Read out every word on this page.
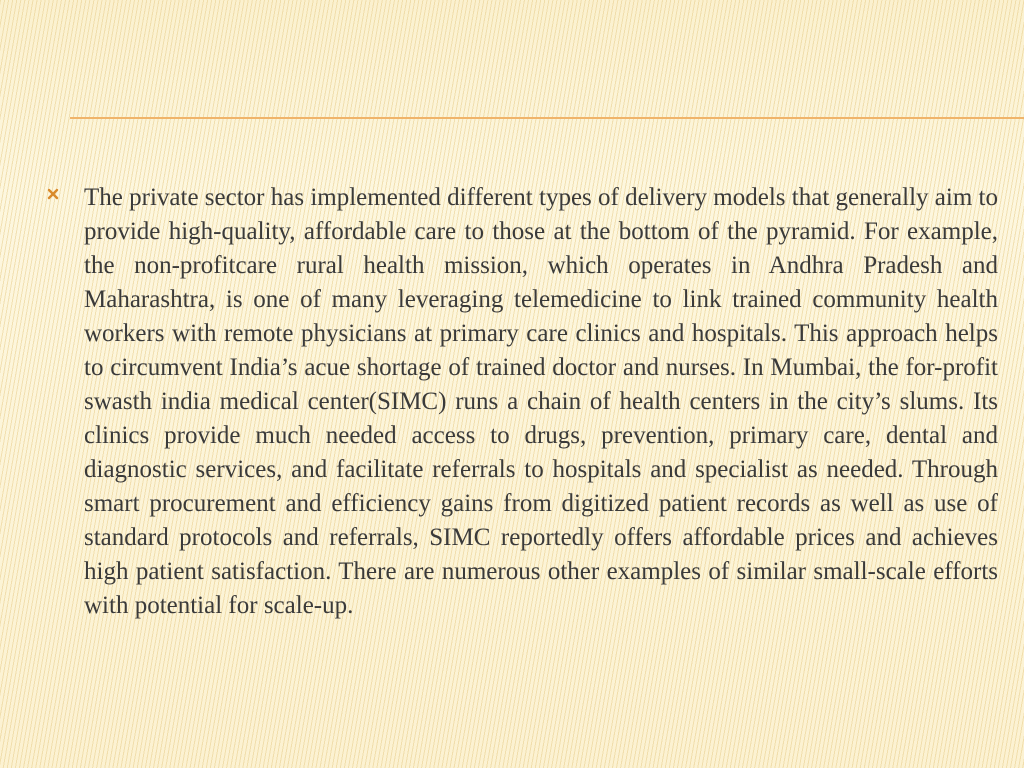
The private sector has implemented different types of delivery models that generally aim to provide high-quality, affordable care to those at the bottom of the pyramid. For example, the non-profitcare rural health mission, which operates in Andhra Pradesh and Maharashtra, is one of many leveraging telemedicine to link trained community health workers with remote physicians at primary care clinics and hospitals. This approach helps to circumvent India’s acue shortage of trained doctor and nurses. In Mumbai, the for-profit swasth india medical center(SIMC) runs a chain of health centers in the city’s slums. Its clinics provide much needed access to drugs, prevention, primary care, dental and diagnostic services, and facilitate referrals to hospitals and specialist as needed. Through smart procurement and efficiency gains from digitized patient records as well as use of standard protocols and referrals, SIMC reportedly offers affordable prices and achieves high patient satisfaction. There are numerous other examples of similar small-scale efforts with potential for scale-up.
